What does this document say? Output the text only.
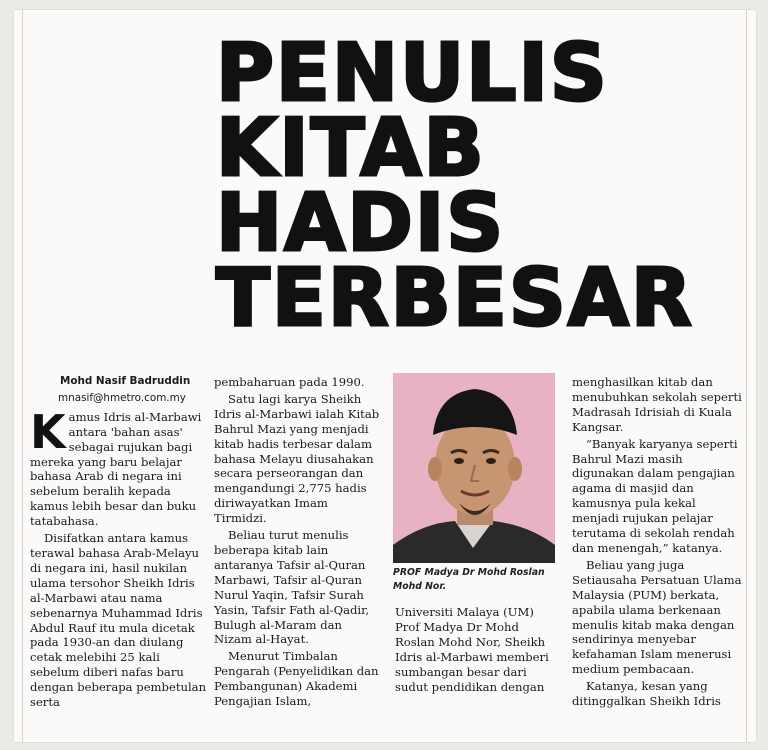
PENULIS
KITAB
HADIS
TERBESAR
Mohd Nasif Badruddin
mnasif@hmetro.com.my

Kamus Idris al-Marbawi antara 'bahan asas' sebagai rujukan bagi mereka yang baru belajar bahasa Arab di negara ini sebelum beralih kepada kamus lebih besar dan buku tatabahasa.

Disifatkan antara kamus terawal bahasa Arab-Melayu di negara ini, hasil nukilan ulama tersohor Sheikh Idris al-Marbawi atau nama sebenarnya Muhammad Idris Abdul Rauf itu mula dicetak pada 1930-an dan diulang cetak melebihi 25 kali sebelum diberi nafas baru dengan beberapa pembetulan serta

pembaharuan pada 1990.

Satu lagi karya Sheikh Idris al-Marbawi ialah Kitab Bahrul Mazi yang menjadi kitab hadis terbesar dalam bahasa Melayu diusahakan secara perseorangan dan mengandungi 2,775 hadis diriwayatkan Imam Tirmidzi.

Beliau turut menulis beberapa kitab lain antaranya Tafsir al-Quran Marbawi, Tafsir al-Quran Nurul Yaqin, Tafsir Surah Yasin, Tafsir Fath al-Qadir, Bulugh al-Maram dan Nizam al-Hayat.

Menurut Timbalan Pengarah (Penyelidikan dan Pembangunan) Akademi Pengajian Islam,

PROF Madya Dr Mohd Roslan Mohd Nor.

Universiti Malaya (UM) Prof Madya Dr Mohd Roslan Mohd Nor, Sheikh Idris al-Marbawi memberi sumbangan besar dari sudut pendidikan dengan

menghasilkan kitab dan menubuhkan sekolah seperti Madrasah Idrisiah di Kuala Kangsar.

“Banyak karyanya seperti Bahrul Mazi masih digunakan dalam pengajian agama di masjid dan kamusnya pula kekal menjadi rujukan pelajar terutama di sekolah rendah dan menengah,” katanya.

Beliau yang juga Setiausaha Persatuan Ulama Malaysia (PUM) berkata, apabila ulama berkenaan menulis kitab maka dengan sendirinya menyebar kefahaman Islam menerusi medium pembacaan.

Katanya, kesan yang ditinggalkan Sheikh Idris
